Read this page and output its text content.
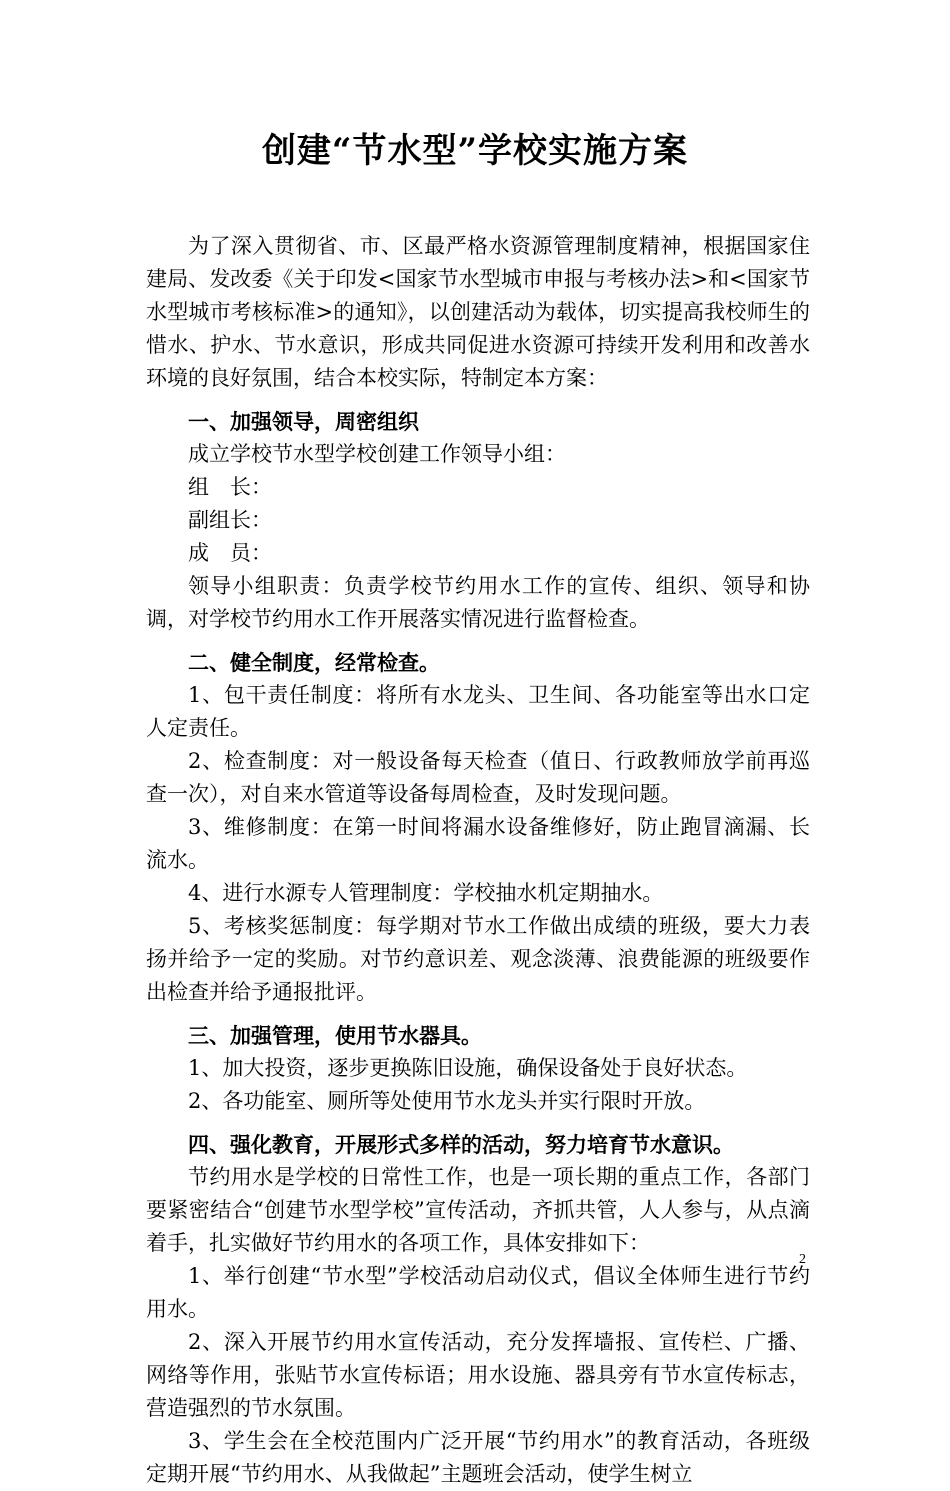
创建“节水型”学校实施方案

为了深入贯彻省、市、区最严格水资源管理制度精神，根据国家住建局、发改委《关于印发<国家节水型城市申报与考核办法>和<国家节水型城市考核标准>的通知》，以创建活动为载体，切实提高我校师生的惜水、护水、节水意识，形成共同促进水资源可持续开发利用和改善水环境的良好氛围，结合本校实际，特制定本方案：

一、加强领导，周密组织

成立学校节水型学校创建工作领导小组：

组　长：

副组长：

成　员：

领导小组职责：负责学校节约用水工作的宣传、组织、领导和协调，对学校节约用水工作开展落实情况进行监督检查。

二、健全制度，经常检查。

1、包干责任制度：将所有水龙头、卫生间、各功能室等出水口定人定责任。

2、检查制度：对一般设备每天检查（值日、行政教师放学前再巡查一次），对自来水管道等设备每周检查，及时发现问题。

3、维修制度：在第一时间将漏水设备维修好，防止跑冒滴漏、长流水。

4、进行水源专人管理制度：学校抽水机定期抽水。

5、考核奖惩制度：每学期对节水工作做出成绩的班级，要大力表扬并给予一定的奖励。对节约意识差、观念淡薄、浪费能源的班级要作出检查并给予通报批评。

三、加强管理，使用节水器具。

1、加大投资，逐步更换陈旧设施，确保设备处于良好状态。

2、各功能室、厕所等处使用节水龙头并实行限时开放。

四、强化教育，开展形式多样的活动，努力培育节水意识。

节约用水是学校的日常性工作，也是一项长期的重点工作，各部门要紧密结合“创建节水型学校”宣传活动，齐抓共管，人人参与，从点滴着手，扎实做好节约用水的各项工作，具体安排如下：

1、举行创建“节水型”学校活动启动仪式，倡议全体师生进行节约用水。

2、深入开展节约用水宣传活动，充分发挥墙报、宣传栏、广播、网络等作用，张贴节水宣传标语；用水设施、器具旁有节水宣传标志，营造强烈的节水氛围。

3、学生会在全校范围内广泛开展“节约用水”的教育活动，各班级定期开展“节约用水、从我做起”主题班会活动，使学生树立

2
